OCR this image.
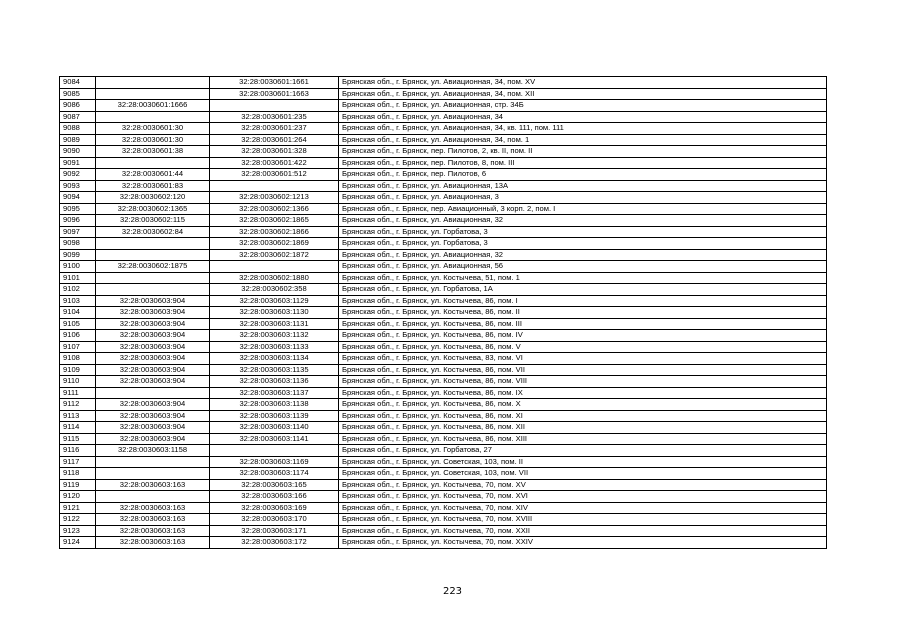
9084		32:28:0030601:1661	Брянская обл., г. Брянск, ул. Авиационная, 34, пом. XV
9085		32:28:0030601:1663	Брянская обл., г. Брянск, ул. Авиационная, 34, пом. XII
9086	32:28:0030601:1666		Брянская обл., г. Брянск, ул. Авиационная, стр. 34Б
9087		32:28:0030601:235	Брянская обл., г. Брянск, ул. Авиационная, 34
9088	32:28:0030601:30	32:28:0030601:237	Брянская обл., г. Брянск, ул. Авиационная, 34, кв. 111, пом. 111
9089	32:28:0030601:30	32:28:0030601:264	Брянская обл., г. Брянск, ул. Авиационная, 34, пом. 1
9090	32:28:0030601:38	32:28:0030601:328	Брянская обл., г. Брянск, пер. Пилотов, 2, кв. II, пом. II
9091		32:28:0030601:422	Брянская обл., г. Брянск, пер. Пилотов, 8, пом. III
9092	32:28:0030601:44	32:28:0030601:512	Брянская обл., г. Брянск, пер. Пилотов, 6
9093	32:28:0030601:83		Брянская обл., г. Брянск, ул. Авиационная, 13А
9094	32:28:0030602:120	32:28:0030602:1213	Брянская обл., г. Брянск, ул. Авиационная, 3
9095	32:28:0030602:1365	32:28:0030602:1366	Брянская обл., г. Брянск, пер. Авиационный, 3 корп. 2, пом. I
9096	32:28:0030602:115	32:28:0030602:1865	Брянская обл., г. Брянск, ул. Авиационная, 32
9097	32:28:0030602:84	32:28:0030602:1866	Брянская обл., г. Брянск, ул. Горбатова, 3
9098		32:28:0030602:1869	Брянская обл., г. Брянск, ул. Горбатова, 3
9099		32:28:0030602:1872	Брянская обл., г. Брянск, ул. Авиационная, 32
9100	32:28:0030602:1875		Брянская обл., г. Брянск, ул. Авиационная, 56
9101		32:28:0030602:1880	Брянская обл., г. Брянск, ул. Костычева, 51, пом. 1
9102		32:28:0030602:358	Брянская обл., г. Брянск, ул. Горбатова, 1А
9103	32:28:0030603:904	32:28:0030603:1129	Брянская обл., г. Брянск, ул. Костычева, 86, пом. I
9104	32:28:0030603:904	32:28:0030603:1130	Брянская обл., г. Брянск, ул. Костычева, 86, пом. II
9105	32:28:0030603:904	32:28:0030603:1131	Брянская обл., г. Брянск, ул. Костычева, 86, пом. III
9106	32:28:0030603:904	32:28:0030603:1132	Брянская обл., г. Брянск, ул. Костычева, 86, пом. IV
9107	32:28:0030603:904	32:28:0030603:1133	Брянская обл., г. Брянск, ул. Костычева, 86, пом. V
9108	32:28:0030603:904	32:28:0030603:1134	Брянская обл., г. Брянск, ул. Костычева, 83, пом. VI
9109	32:28:0030603:904	32:28:0030603:1135	Брянская обл., г. Брянск, ул. Костычева, 86, пом. VII
9110	32:28:0030603:904	32:28:0030603:1136	Брянская обл., г. Брянск, ул. Костычева, 86, пом. VIII
9111		32:28:0030603:1137	Брянская обл., г. Брянск, ул. Костычева, 86, пом. IX
9112	32:28:0030603:904	32:28:0030603:1138	Брянская обл., г. Брянск, ул. Костычева, 86, пом. X
9113	32:28:0030603:904	32:28:0030603:1139	Брянская обл., г. Брянск, ул. Костычева, 86, пом. XI
9114	32:28:0030603:904	32:28:0030603:1140	Брянская обл., г. Брянск, ул. Костычева, 86, пом. XII
9115	32:28:0030603:904	32:28:0030603:1141	Брянская обл., г. Брянск, ул. Костычева, 86, пом. XIII
9116	32:28:0030603:1158		Брянская обл., г. Брянск, ул. Горбатова, 27
9117		32:28:0030603:1169	Брянская обл., г. Брянск, ул. Советская, 103, пом. II
9118		32:28:0030603:1174	Брянская обл., г. Брянск, ул. Советская, 103, пом. VII
9119	32:28:0030603:163	32:28:0030603:165	Брянская обл., г. Брянск, ул. Костычева, 70, пом. XV
9120		32:28:0030603:166	Брянская обл., г. Брянск, ул. Костычева, 70, пом. XVI
9121	32:28:0030603:163	32:28:0030603:169	Брянская обл., г. Брянск, ул. Костычева, 70, пом. XIV
9122	32:28:0030603:163	32:28:0030603:170	Брянская обл., г. Брянск, ул. Костычева, 70, пом. XVIII
9123	32:28:0030603:163	32:28:0030603:171	Брянская обл., г. Брянск, ул. Костычева, 70, пом. XXII
9124	32:28:0030603:163	32:28:0030603:172	Брянская обл., г. Брянск, ул. Костычева, 70, пом. XXIV
223
